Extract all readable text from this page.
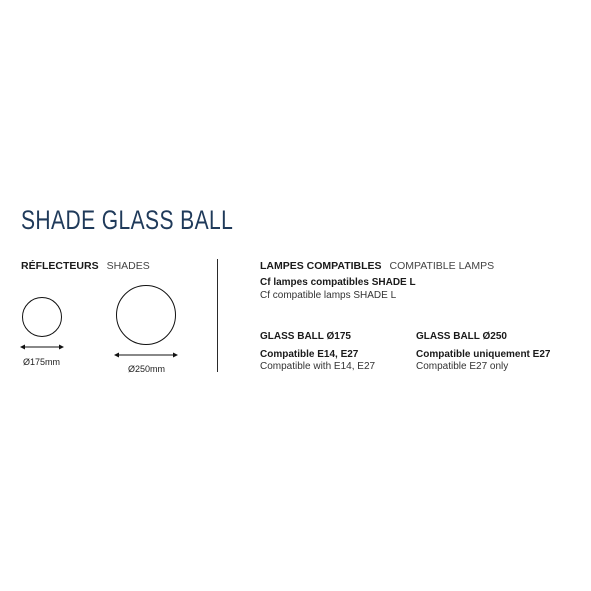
SHADE GLASS BALL
RÉFLECTEURS SHADES
Ø175mm
Ø250mm
LAMPES COMPATIBLES COMPATIBLE LAMPS
Cf lampes compatibles SHADE L
Cf compatible lamps SHADE L
GLASS BALL Ø175
Compatible E14, E27
Compatible with E14, E27
GLASS BALL Ø250
Compatible uniquement E27
Compatible E27 only
